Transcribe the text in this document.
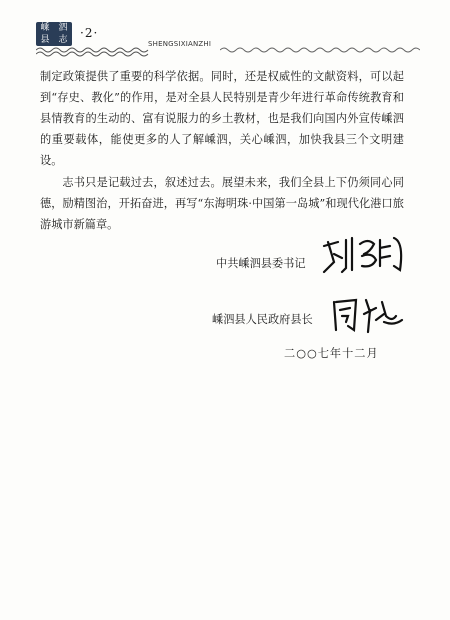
嵊 泗
县 志	·2·
SHENGSIXIANZHI

制定政策提供了重要的科学依据。同时，还是权威性的文献资料，可以起到“存史、教化”的作用，是对全县人民特别是青少年进行革命传统教育和县情教育的生动的、富有说服力的乡土教材，也是我们向国内外宣传嵊泗的重要载体，能使更多的人了解嵊泗，关心嵊泗，加快我县三个文明建设。

志书只是记载过去，叙述过去。展望未来，我们全县上下仍须同心同德，励精图治，开拓奋进，再写“东海明珠·中国第一岛城”和现代化港口旅游城市新篇章。

中共嵊泗县委书记
嵊泗县人民政府县长
二○○七年十二月
